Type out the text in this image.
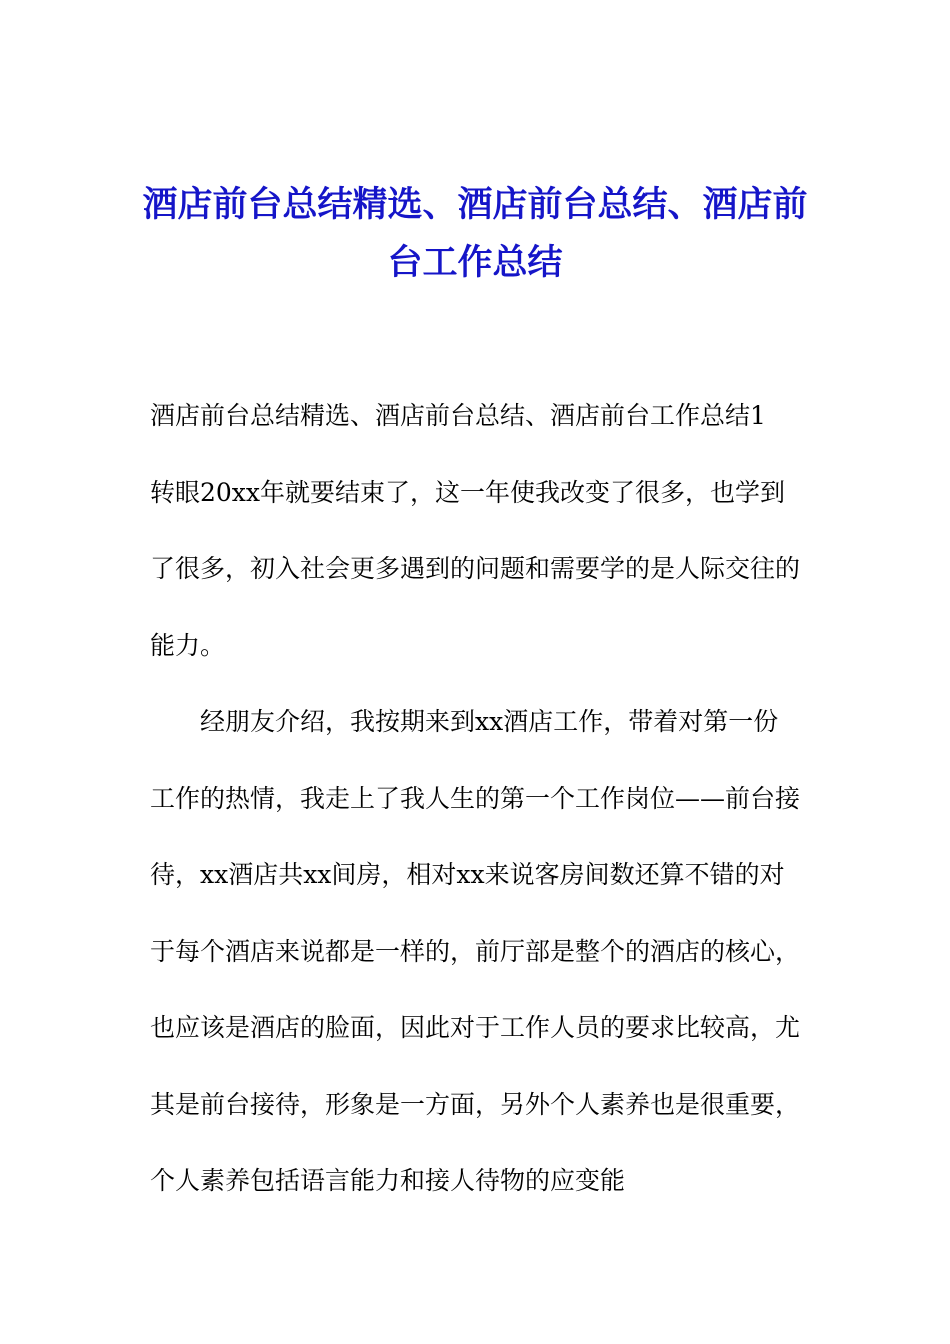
酒店前台总结精选、酒店前台总结、酒店前台工作总结

酒店前台总结精选、酒店前台总结、酒店前台工作总结1

转眼20xx年就要结束了，这一年使我改变了很多，也学到了很多，初入社会更多遇到的问题和需要学的是人际交往的能力。

经朋友介绍，我按期来到xx酒店工作，带着对第一份工作的热情，我走上了我人生的第一个工作岗位——前台接待，xx酒店共xx间房，相对xx来说客房间数还算不错的对于每个酒店来说都是一样的，前厅部是整个的酒店的核心，也应该是酒店的脸面，因此对于工作人员的要求比较高，尤其是前台接待，形象是一方面，另外个人素养也是很重要，个人素养包括语言能力和接人待物的应变能
